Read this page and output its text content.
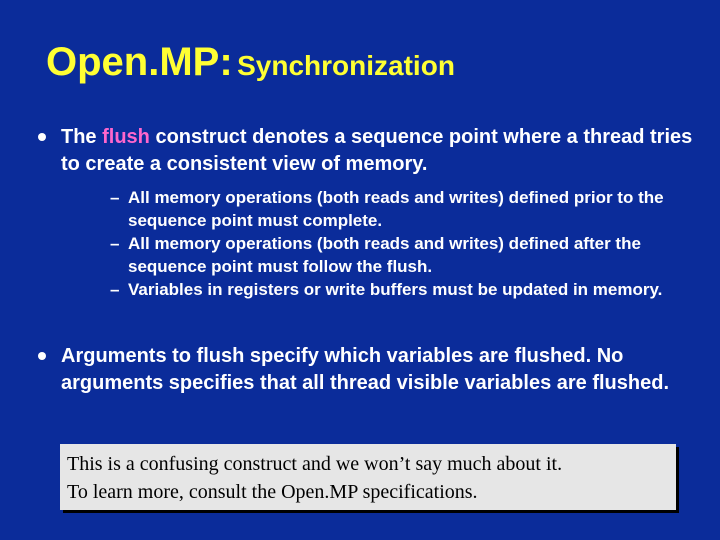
Open.MP: Synchronization
The flush construct denotes a sequence point where a thread tries to create a consistent view of memory.
– All memory operations (both reads and writes) defined prior to the sequence point must complete.
– All memory operations (both reads and writes) defined after the sequence point must follow the flush.
– Variables in registers or write buffers must be updated in memory.
Arguments to flush specify which variables are flushed. No arguments specifies that all thread visible variables are flushed.
This is a confusing construct and we won’t say much about it.
To learn more, consult the Open.MP specifications.
